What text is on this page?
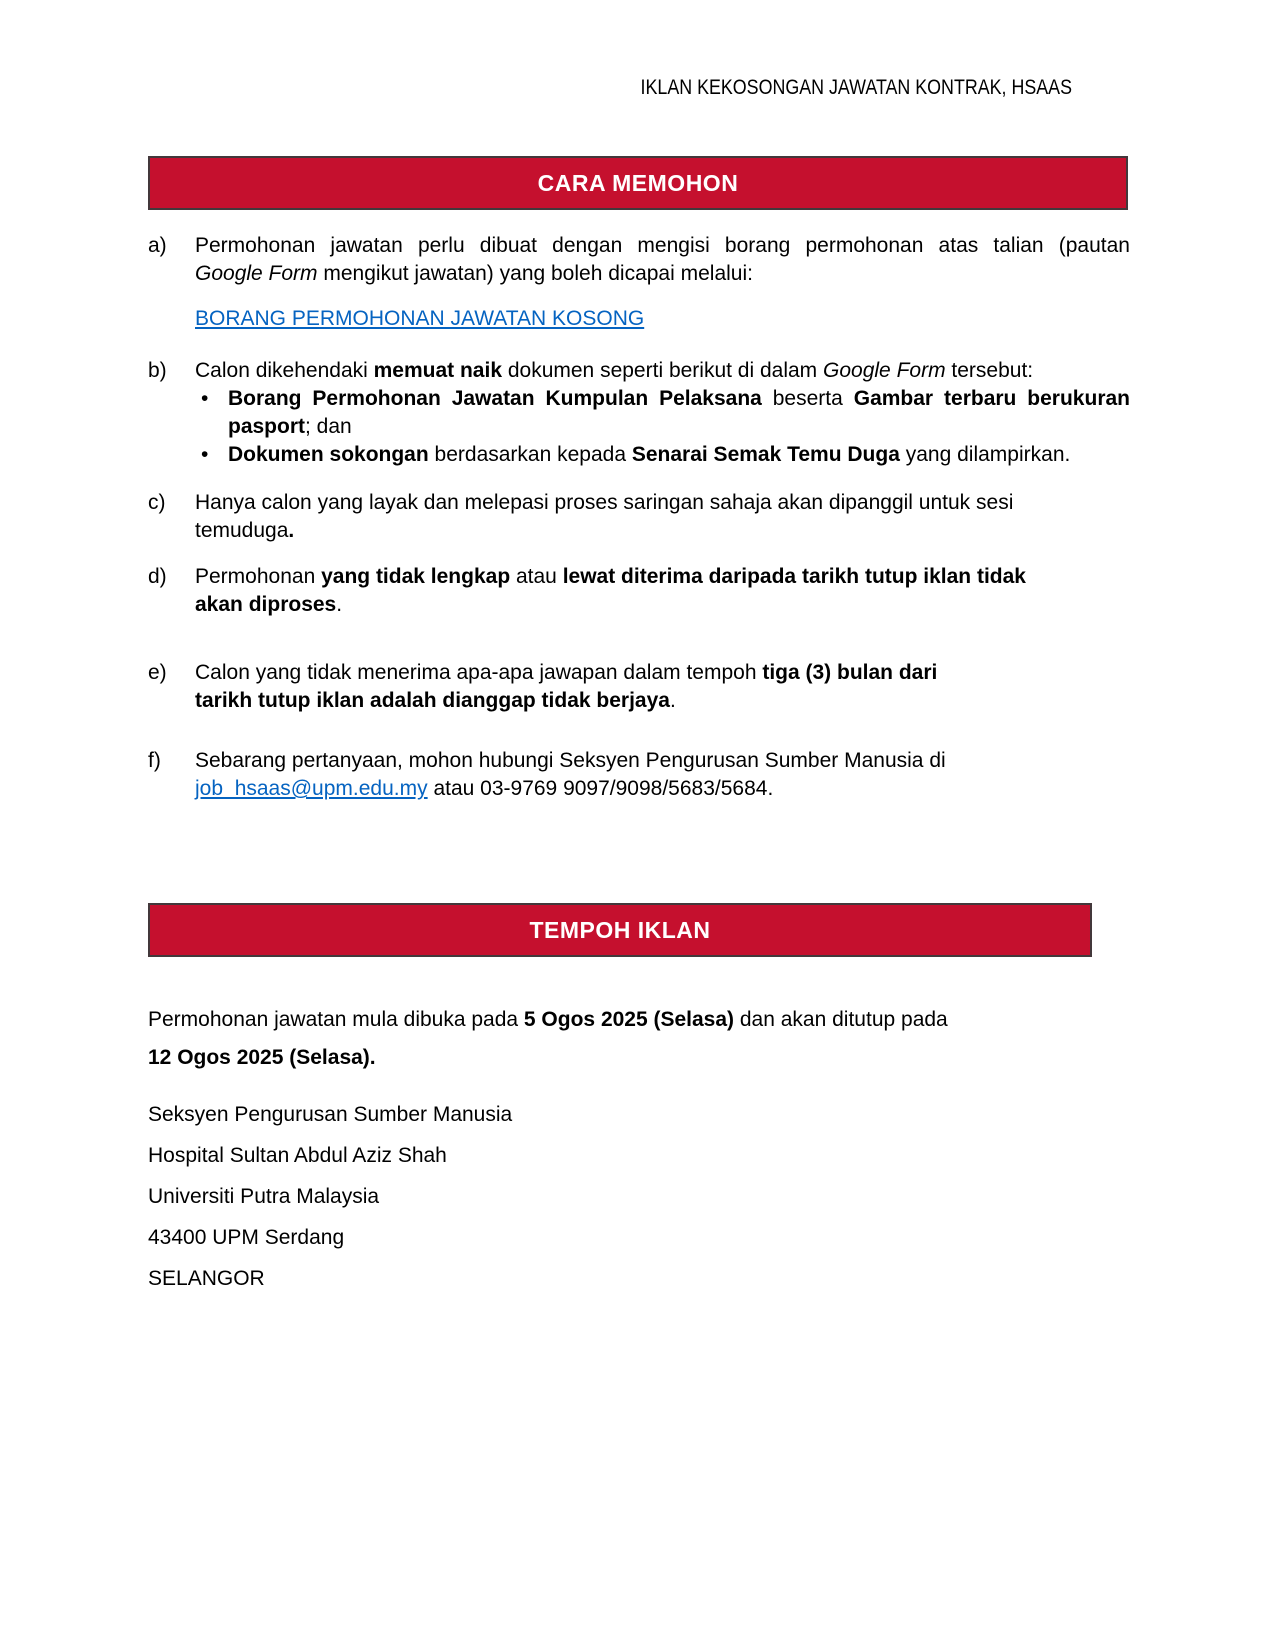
IKLAN KEKOSONGAN JAWATAN KONTRAK, HSAAS
CARA MEMOHON
a) Permohonan jawatan perlu dibuat dengan mengisi borang permohonan atas talian (pautanGoogle Form mengikut jawatan) yang boleh dicapai melalui:
BORANG PERMOHONAN JAWATAN KOSONG
b) Calon dikehendaki memuat naik dokumen seperti berikut di dalam Google Form tersebut:
• Borang Permohonan Jawatan Kumpulan Pelaksana beserta Gambar terbaru berukuranpasport; dan
• Dokumen sokongan berdasarkan kepada Senarai Semak Temu Duga yang dilampirkan.
c) Hanya calon yang layak dan melepasi proses saringan sahaja akan dipanggil untuk sesi
temuduga.
d) Permohonan yang tidak lengkap atau lewat diterima daripada tarikh tutup iklan tidak
akan diproses.
e) Calon yang tidak menerima apa-apa jawapan dalam tempoh tiga (3) bulan dari
tarikh tutup iklan adalah dianggap tidak berjaya.
f) Sebarang pertanyaan, mohon hubungi Seksyen Pengurusan Sumber Manusia di
job_hsaas@upm.edu.my atau 03-9769 9097/9098/5683/5684.
TEMPOH IKLAN
Permohonan jawatan mula dibuka pada 5 Ogos 2025 (Selasa) dan akan ditutup pada
12 Ogos 2025 (Selasa).
Seksyen Pengurusan Sumber Manusia
Hospital Sultan Abdul Aziz Shah
Universiti Putra Malaysia
43400 UPM Serdang
SELANGOR
